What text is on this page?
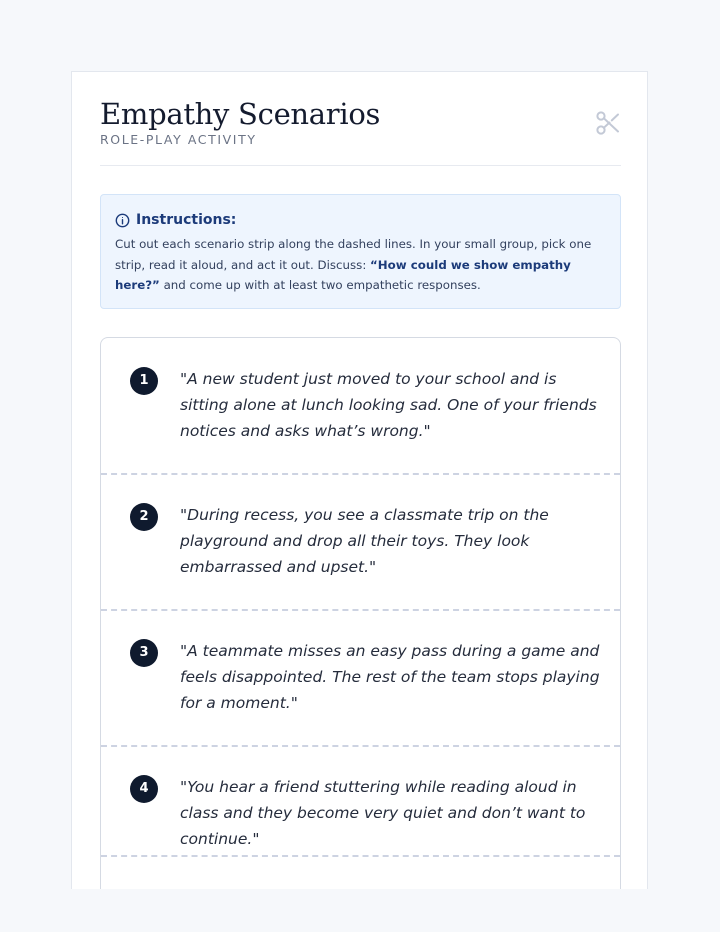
Empathy Scenarios
ROLE-PLAY ACTIVITY
Instructions:
Cut out each scenario strip along the dashed lines. In your small group, pick one strip, read it aloud, and act it out. Discuss: “How could we show empathy here?” and come up with at least two empathetic responses.
1	"A new student just moved to your school and is sitting alone at lunch looking sad. One of your friends notices and asks what’s wrong."
2	"During recess, you see a classmate trip on the playground and drop all their toys. They look embarrassed and upset."
3	"A teammate misses an easy pass during a game and feels disappointed. The rest of the team stops playing for a moment."
4	"You hear a friend stuttering while reading aloud in class and they become very quiet and don’t want to continue."
